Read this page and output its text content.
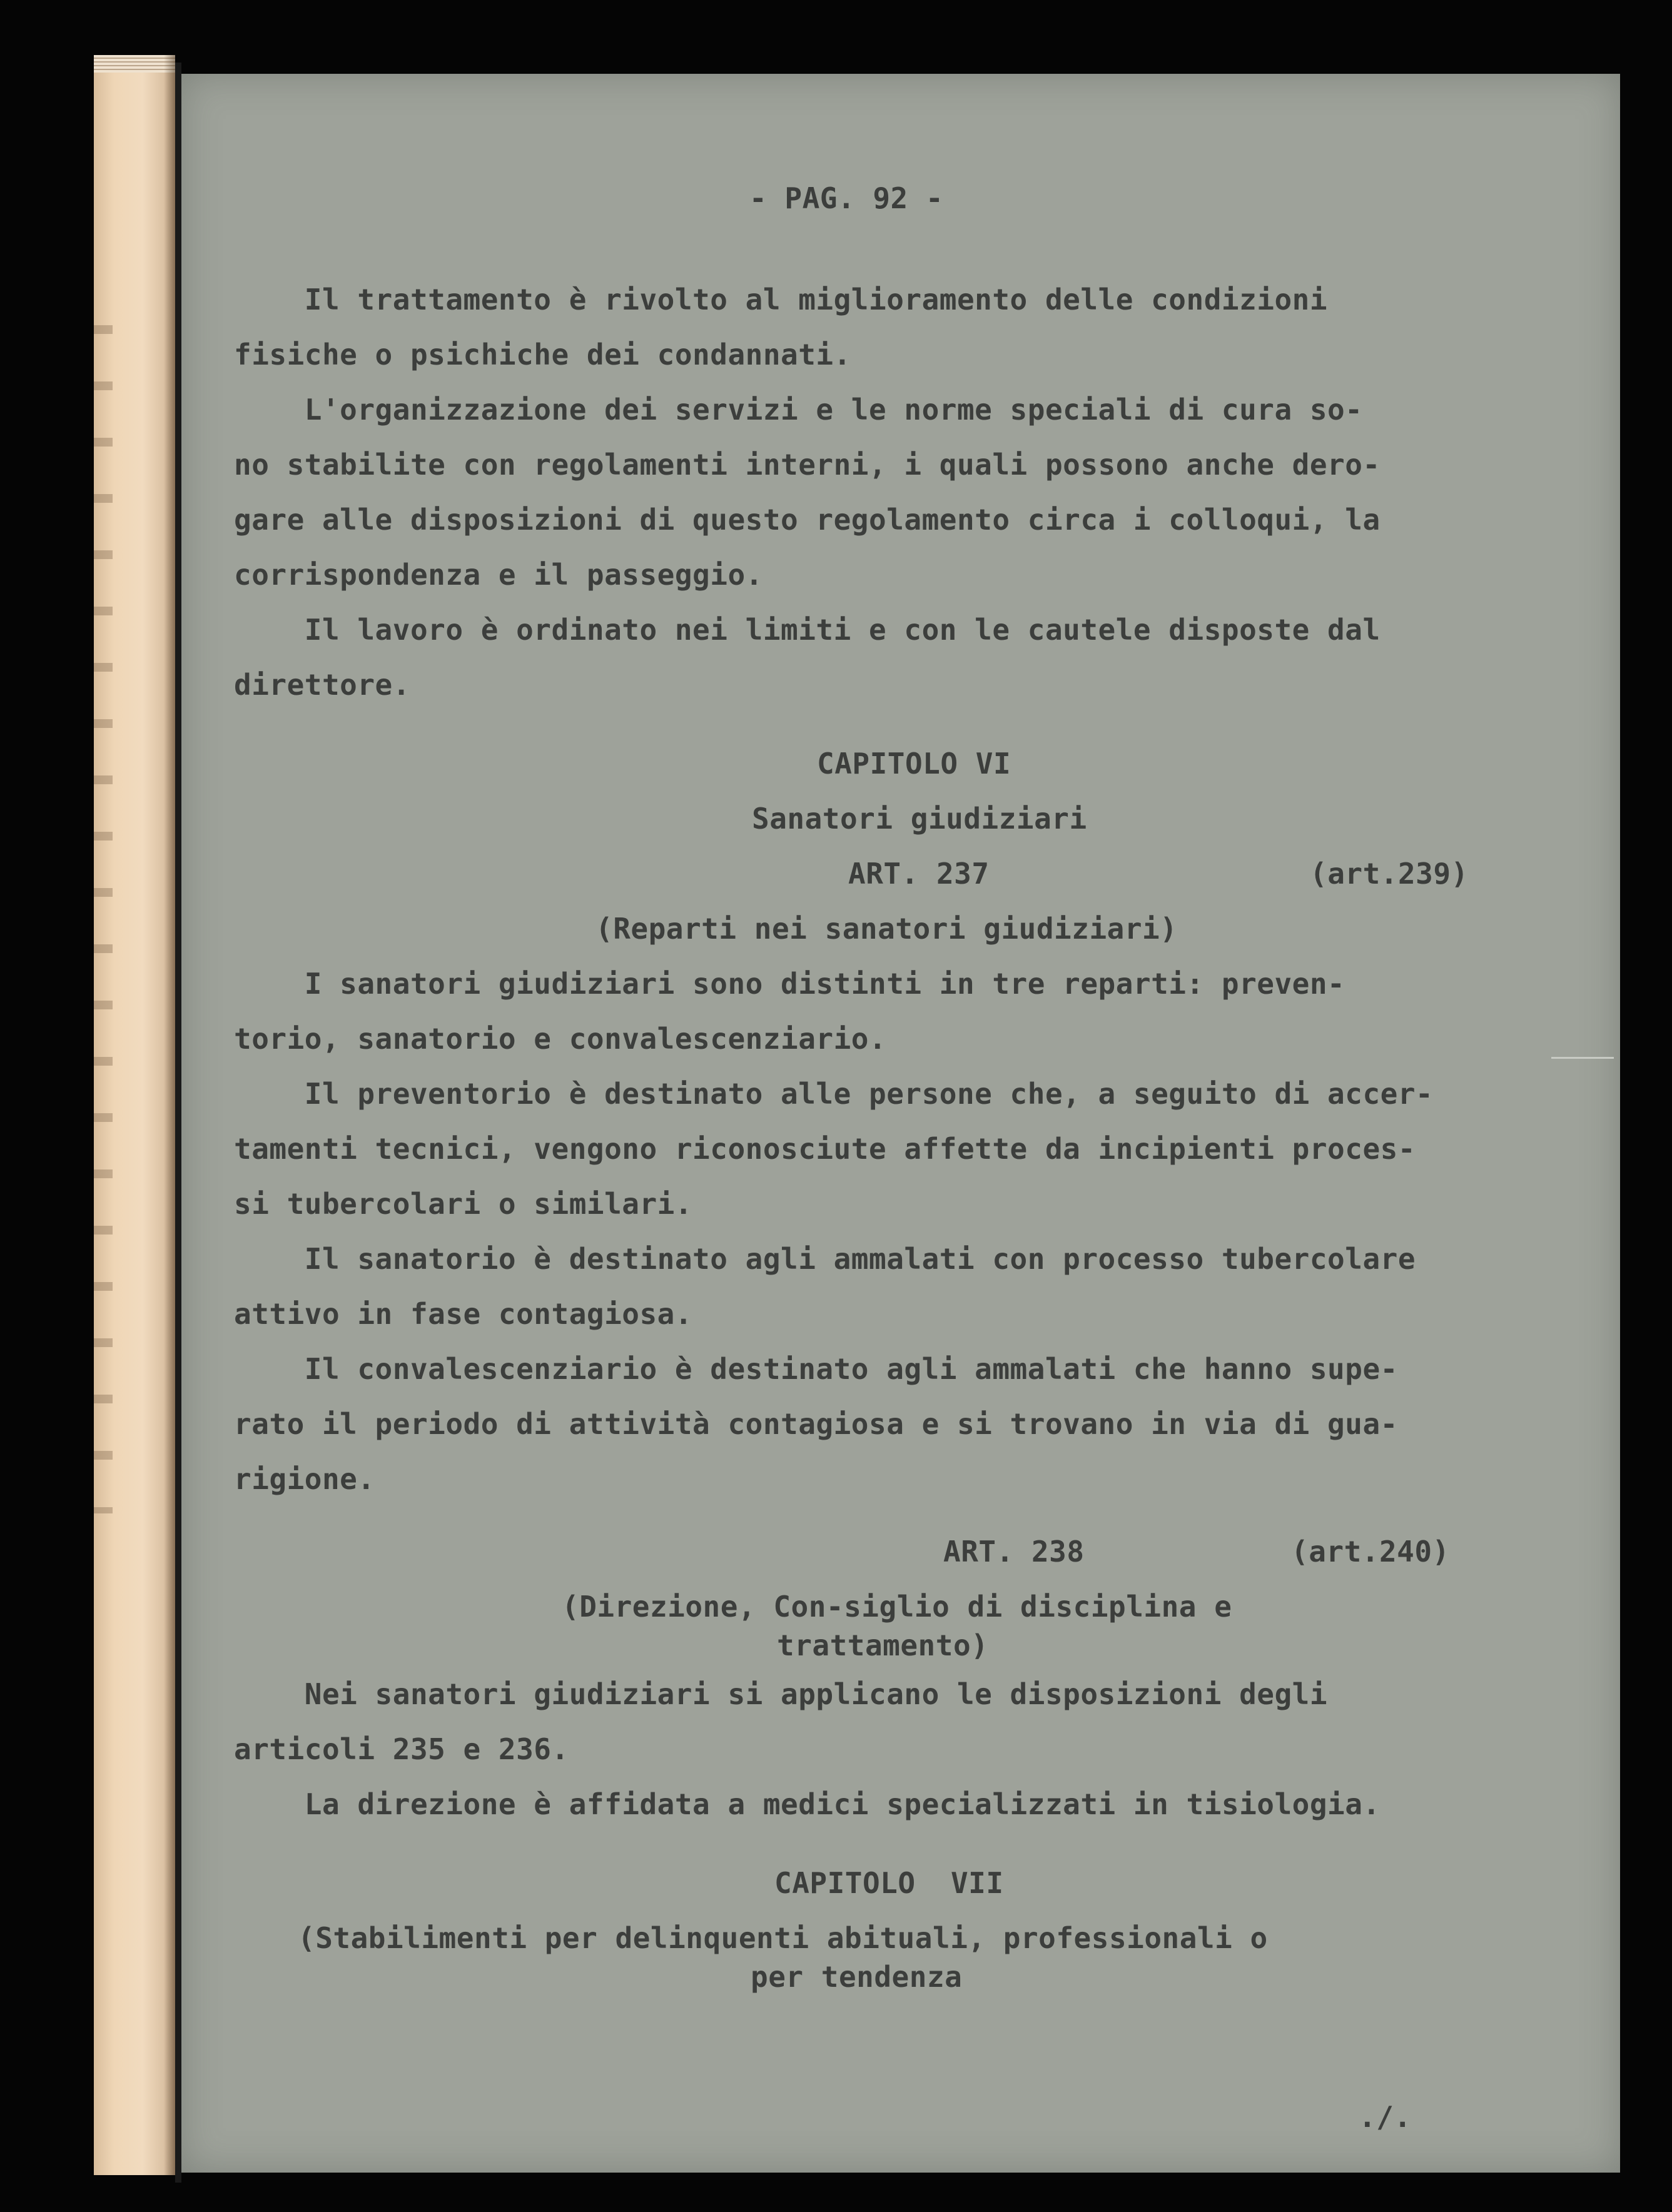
- PAG. 92 -

Il trattamento è rivolto al miglioramento delle condizioni

fisiche o psichiche dei condannati.

L'organizzazione dei servizi e le norme speciali di cura so-

no stabilite con regolamenti interni, i quali possono anche dero-

gare alle disposizioni di questo regolamento circa i colloqui, la

corrispondenza e il passeggio.

Il lavoro è ordinato nei limiti e con le cautele disposte dal

direttore.

CAPITOLO VI

Sanatori giudiziari

ART. 237	(art.239)

(Reparti nei sanatori giudiziari)

I sanatori giudiziari sono distinti in tre reparti: preven-

torio, sanatorio e convalescenziario.

Il preventorio è destinato alle persone che, a seguito di accer-

tamenti tecnici, vengono riconosciute affette da incipienti proces-

si tubercolari o similari.

Il sanatorio è destinato agli ammalati con processo tubercolare

attivo in fase contagiosa.

Il convalescenziario è destinato agli ammalati che hanno supe-

rato il periodo di attività contagiosa e si trovano in via di gua-

rigione.

ART. 238	(art.240)

(Direzione, Con-siglio di disciplina e

trattamento)

Nei sanatori giudiziari si applicano le disposizioni degli

articoli 235 e 236.

La direzione è affidata a medici specializzati in tisiologia.

CAPITOLO  VII

(Stabilimenti per delinquenti abituali, professionali o

per tendenza

./.
